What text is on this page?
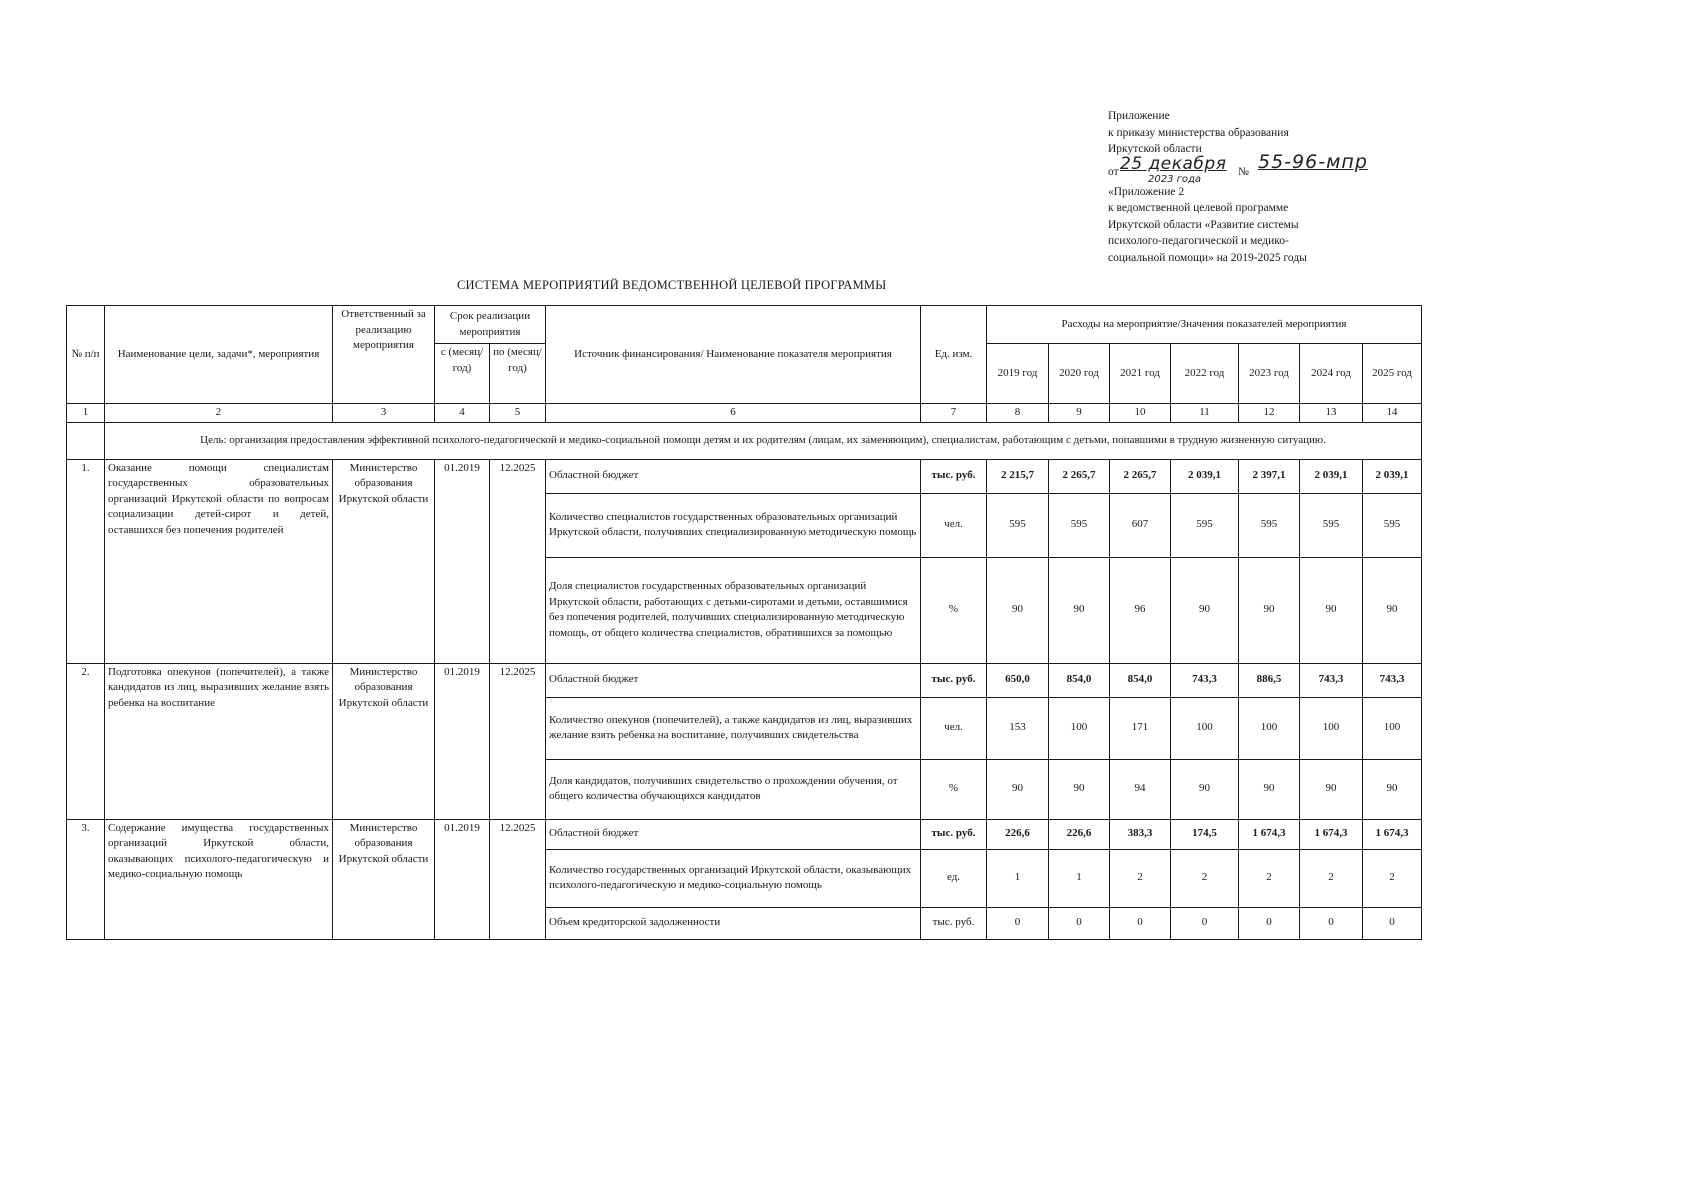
Приложение
к приказу министерства образования
Иркутской области
от 25 декабря
2023 года
№ 55-96-мпр
«Приложение 2
к ведомственной целевой программе
Иркутской области «Развитие системы
психолого-педагогической и медико-
социальной помощи» на 2019-2025 годы
СИСТЕМА МЕРОПРИЯТИЙ ВЕДОМСТВЕННОЙ ЦЕЛЕВОЙ ПРОГРАММЫ
№ п/п	Наименование цели, задачи*, мероприятия	Ответственный за реализацию мероприятия	Срок реализации мероприятия		Источник финансирования/ Наименование показателя мероприятия	Ед. изм.	Расходы на мероприятие/Значения показателей мероприятия						
			с (месяц/ год)	по (месяц/ год)			2019 год	2020 год	2021 год	2022 год	2023 год	2024 год	2025 год
1	2	3	4	5	6	7	8	9	10	11	12	13	14
	Цель: организация предоставления эффективной психолого-педагогической и медико-социальной помощи детям и их родителям (лицам, их заменяющим), специалистам, работающим с детьми, попавшими в трудную жизненную ситуацию.												
1.	Оказание помощи специалистам государственных образовательных организаций Иркутской области по вопросам социализации детей-сирот и детей, оставшихся без попечения родителей	Министерство образования Иркутской области	01.2019	12.2025	Областной бюджет	тыс. руб.	2 215,7	2 265,7	2 265,7	2 039,1	2 397,1	2 039,1	2 039,1
					Количество специалистов государственных образовательных организаций Иркутской области, получивших специализированную методическую помощь	чел.	595	595	607	595	595	595	595
					Доля специалистов государственных образовательных организаций Иркутской области, работающих с детьми-сиротами и детьми, оставшимися без попечения родителей, получивших специализированную методическую помощь, от общего количества специалистов, обратившихся за помощью	%	90	90	96	90	90	90	90
2.	Подготовка опекунов (попечителей), а также кандидатов из лиц, выразивших желание взять ребенка на воспитание	Министерство образования Иркутской области	01.2019	12.2025	Областной бюджет	тыс. руб.	650,0	854,0	854,0	743,3	886,5	743,3	743,3
					Количество опекунов (попечителей), а также кандидатов из лиц, выразивших желание взять ребенка на воспитание, получивших свидетельства	чел.	153	100	171	100	100	100	100
					Доля кандидатов, получивших свидетельство о прохождении обучения, от общего количества обучающихся кандидатов	%	90	90	94	90	90	90	90
3.	Содержание имущества государственных организаций Иркутской области, оказывающих психолого-педагогическую и медико-социальную помощь	Министерство образования Иркутской области	01.2019	12.2025	Областной бюджет	тыс. руб.	226,6	226,6	383,3	174,5	1 674,3	1 674,3	1 674,3
					Количество государственных организаций Иркутской области, оказывающих психолого-педагогическую и медико-социальную помощь	ед.	1	1	2	2	2	2	2
					Объем кредиторской задолженности	тыс. руб.	0	0	0	0	0	0	0
